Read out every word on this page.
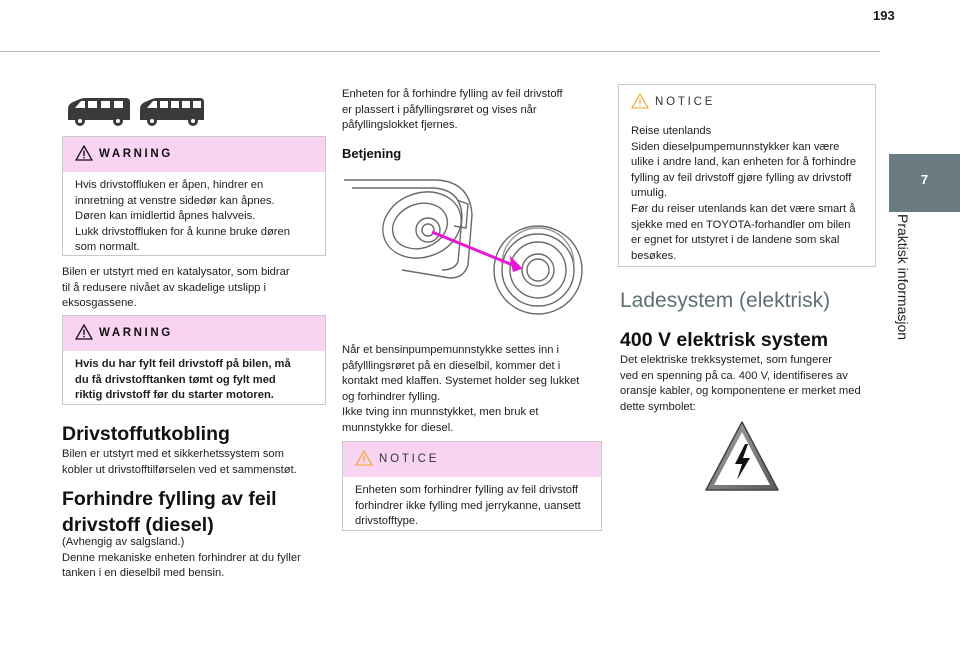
193
7
Praktisk informasjon
WARNING
Hvis drivstoffluken er åpen, hindrer en
innretning at venstre sidedør kan åpnes.
Døren kan imidlertid åpnes halvveis.
Lukk drivstoffluken for å kunne bruke døren
som normalt.
Bilen er utstyrt med en katalysator, som bidrar
til å redusere nivået av skadelige utslipp i
eksosgassene.
WARNING
Hvis du har fylt feil drivstoff på bilen, må
du få drivstofftanken tømt og fylt med
riktig drivstoff før du starter motoren.
Drivstoffutkobling
Bilen er utstyrt med et sikkerhetssystem som
kobler ut drivstofftilførselen ved et sammenstøt.
Forhindre fylling av feil
drivstoff (diesel)
(Avhengig av salgsland.)
Denne mekaniske enheten forhindrer at du fyller
tanken i en dieselbil med bensin.
Enheten for å forhindre fylling av feil drivstoff
er plassert i påfyllingsrøret og vises når
påfyllingslokket fjernes.
Betjening
Når et bensinpumpemunnstykke settes inn i
påfylllingsrøret på en dieselbil, kommer det i
kontakt med klaffen. Systemet holder seg lukket
og forhindrer fylling.
Ikke tving inn munnstykket, men bruk et
munnstykke for diesel.
NOTICE
Enheten som forhindrer fylling av feil drivstoff
forhindrer ikke fylling med jerrykanne, uansett
drivstofftype.
NOTICE
Reise utenlands
Siden dieselpumpemunnstykker kan være
ulike i andre land, kan enheten for å forhindre
fylling av feil drivstoff gjøre fylling av drivstoff
umulig.
Før du reiser utenlands kan det være smart å
sjekke med en TOYOTA-forhandler om bilen
er egnet for utstyret i de landene som skal
besøkes.
Ladesystem (elektrisk)
400 V elektrisk system
Det elektriske trekksystemet, som fungerer
ved en spenning på ca. 400 V, identifiseres av
oransje kabler, og komponentene er merket med
dette symbolet:
